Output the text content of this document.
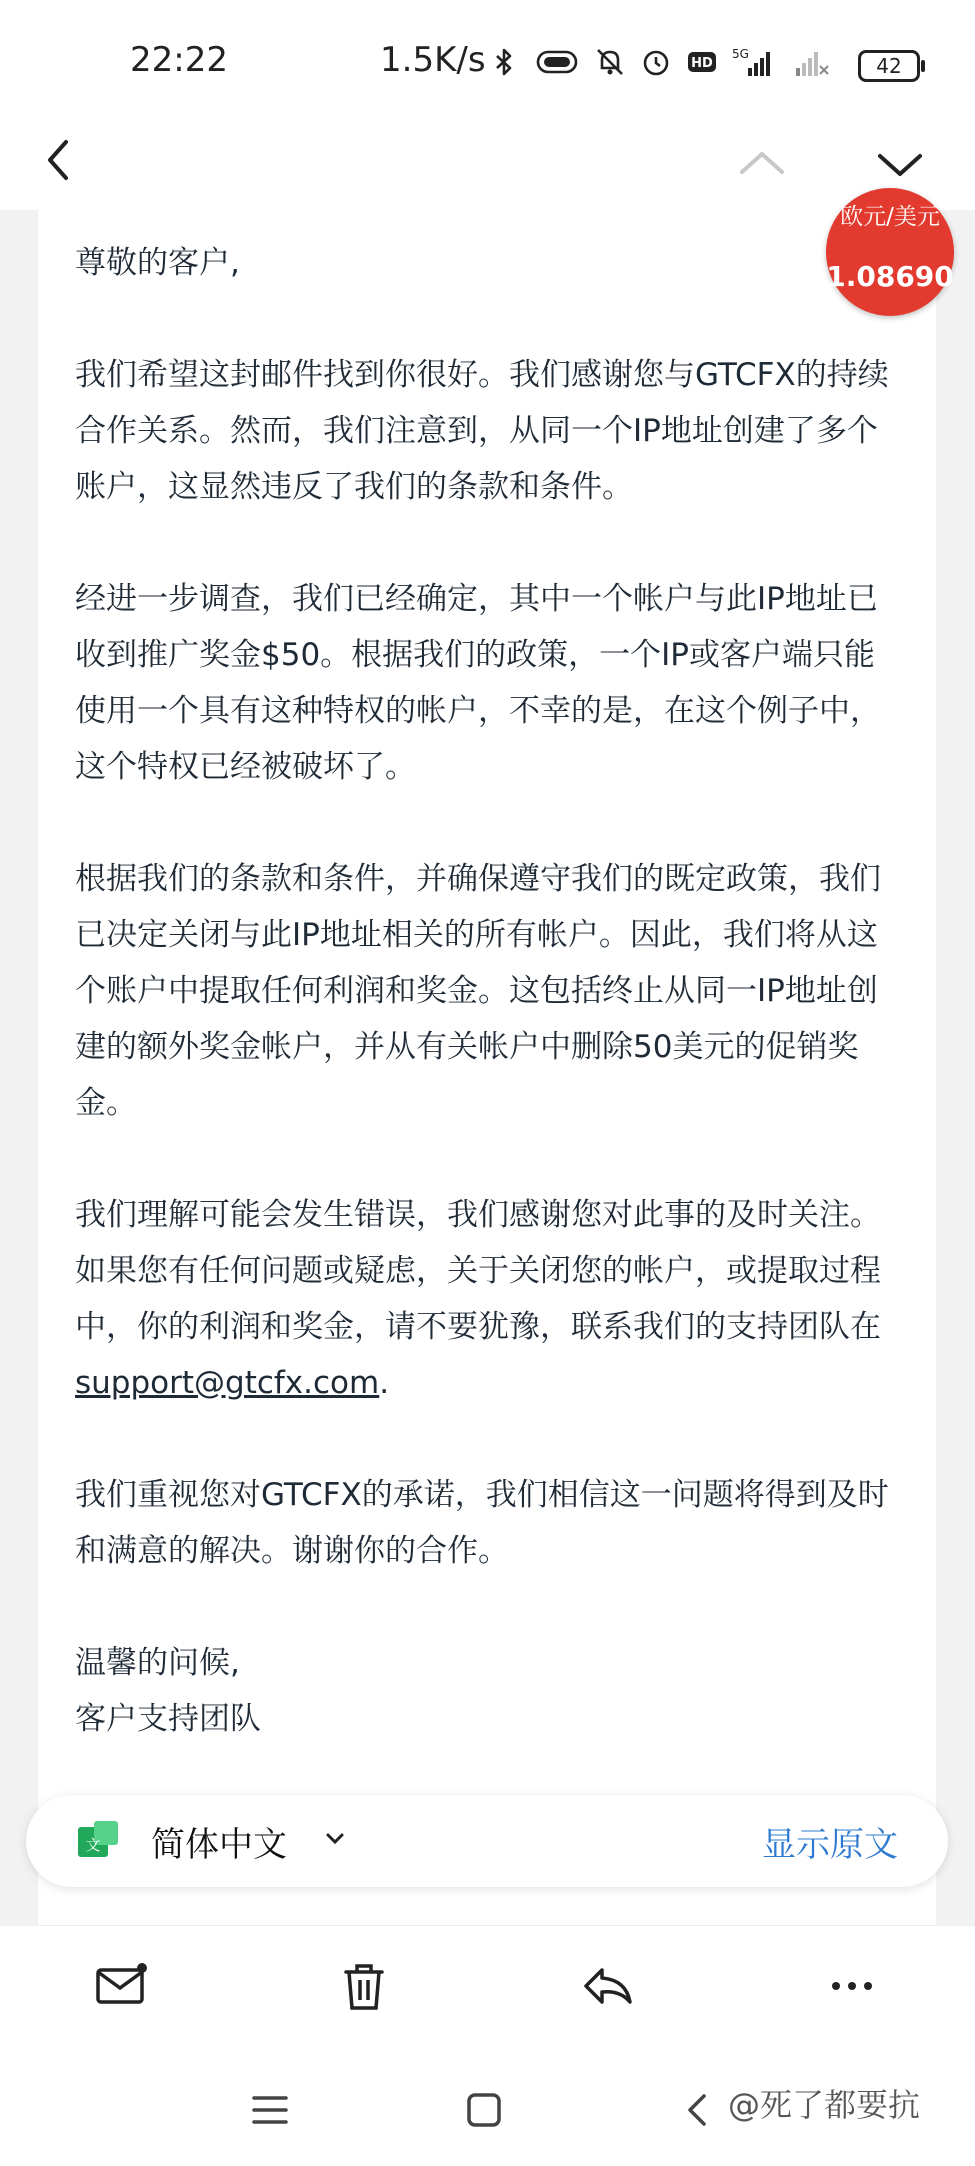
22:22	1.5K/s	HD
5G	42
欧元/美元
1.08690

尊敬的客户,

我们希望这封邮件找到你很好。我们感谢您与GTCFX的持续合作关系。然而，我们注意到，从同一个IP地址创建了多个账户，这显然违反了我们的条款和条件。

经进一步调查，我们已经确定，其中一个帐户与此IP地址已收到推广奖金$50。根据我们的政策，一个IP或客户端只能使用一个具有这种特权的帐户，不幸的是，在这个例子中，这个特权已经被破坏了。

根据我们的条款和条件，并确保遵守我们的既定政策，我们已决定关闭与此IP地址相关的所有帐户。因此，我们将从这个账户中提取任何利润和奖金。这包括终止从同一IP地址创建的额外奖金帐户，并从有关帐户中删除50美元的促销奖金。

我们理解可能会发生错误，我们感谢您对此事的及时关注。如果您有任何问题或疑虑，关于关闭您的帐户，或提取过程中，你的利润和奖金，请不要犹豫，联系我们的支持团队在support@gtcfx.com.

我们重视您对GTCFX的承诺，我们相信这一问题将得到及时和满意的解决。谢谢你的合作。

温馨的问候,

客户支持团队

文 简体中文	显示原文
@死了都要抗
